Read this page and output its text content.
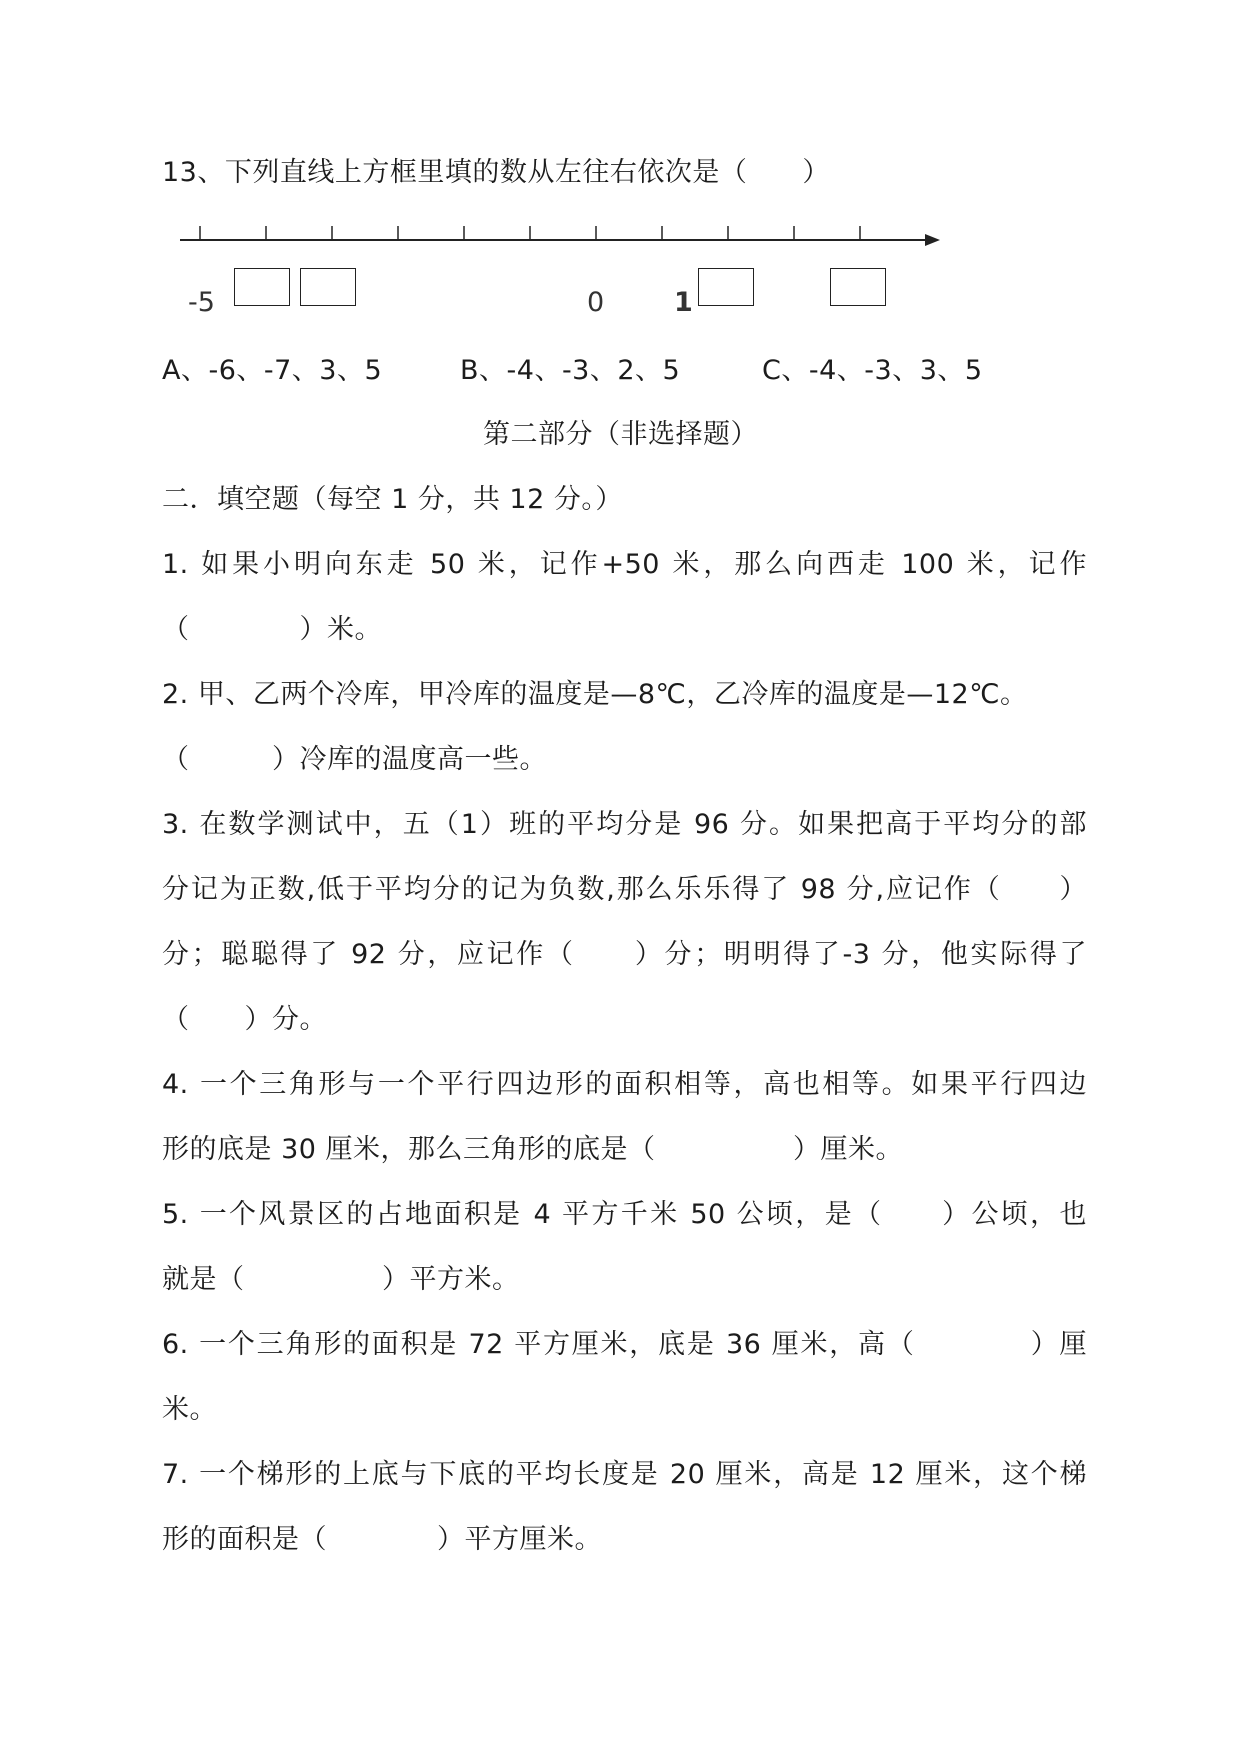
13、下列直线上方框里填的数从左往右依次是（　　）
-5	0	1
A、-6、-7、3、5	B、-4、-3、2、5	C、-4、-3、3、5
第二部分（非选择题）
二．填空题（每空 1 分，共 12 分。）
1. 如果小明向东走 50 米，记作+50 米，那么向西走 100 米，记作
（　　　　）米。
2. 甲、乙两个冷库，甲冷库的温度是—8℃，乙冷库的温度是—12℃。
（　　　）冷库的温度高一些。
3. 在数学测试中，五（1）班的平均分是 96 分。如果把高于平均分的部
分记为正数,低于平均分的记为负数,那么乐乐得了 98 分,应记作（　　）
分；聪聪得了 92 分，应记作（　　）分；明明得了-3 分，他实际得了
（　　）分。
4. 一个三角形与一个平行四边形的面积相等，高也相等。如果平行四边
形的底是 30 厘米，那么三角形的底是（　　　　　）厘米。
5. 一个风景区的占地面积是 4 平方千米 50 公顷，是（　　）公顷，也
就是（　　　　　）平方米。
6. 一个三角形的面积是 72 平方厘米，底是 36 厘米，高（　　　　）厘
米。
7. 一个梯形的上底与下底的平均长度是 20 厘米，高是 12 厘米，这个梯
形的面积是（　　　　）平方厘米。
